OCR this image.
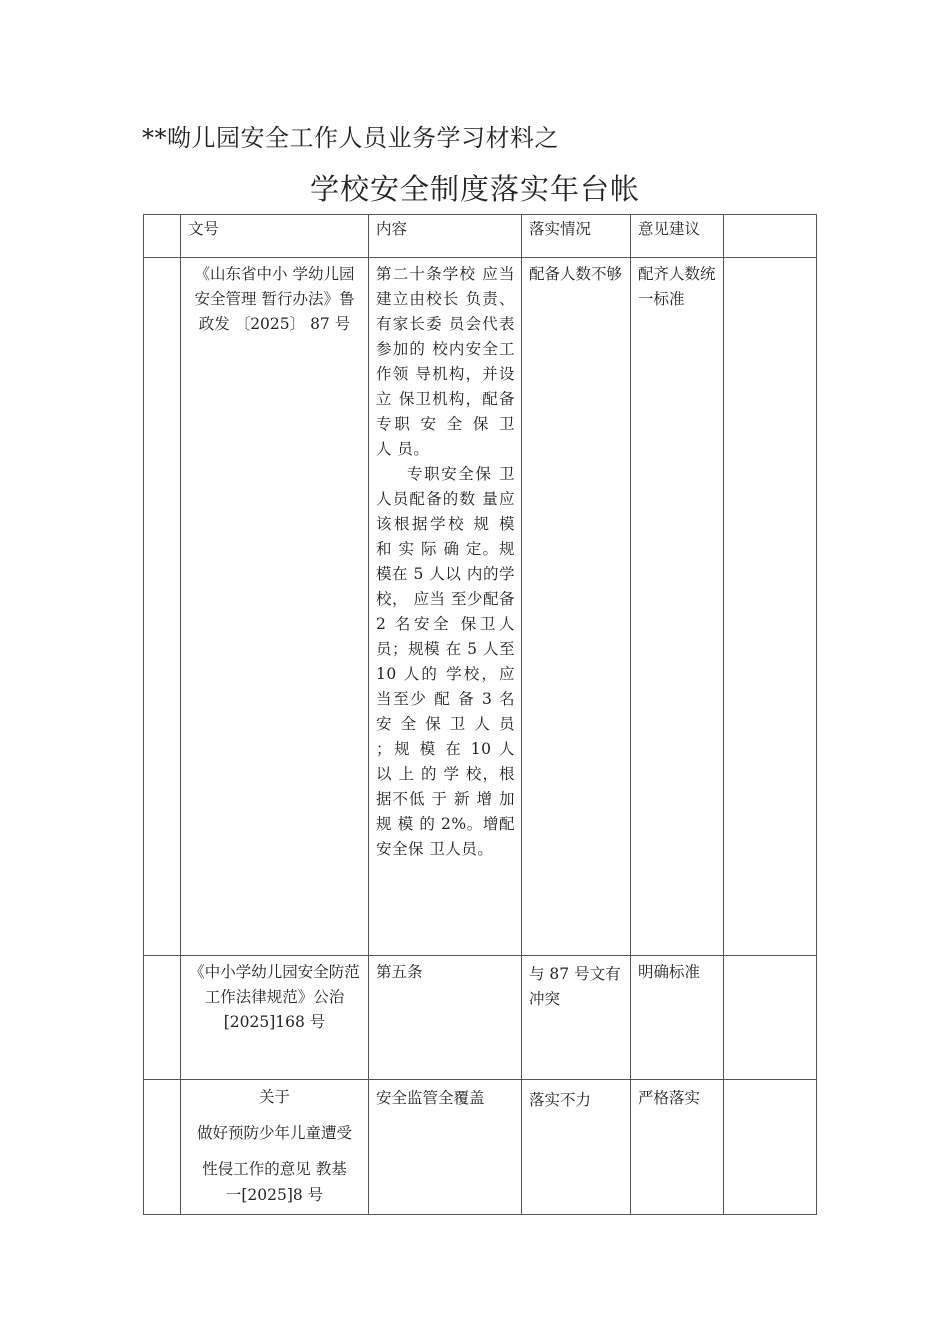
**呦儿园安全工作人员业务学习材料之
学校安全制度落实年台帐

	文号	内容	落实情况	意见建议	

	《山东省中小 学幼儿园安全管理 暂行办法》鲁政发 〔2025〕 87 号	第二十条学校 应当建立由校长 负责、有家长委 员会代表参加的 校内安全工作领 导机构，并设立 保卫机构，配备 专职 安 全 保 卫 人 员。
专职安全保 卫人员配备的数 量应该根据学校 规 模 和 实 际 确 定。规模在 5 人以 内的学校， 应当 至少配备 2 名安全 保卫人 员；规模 在 5 人至 10 人的 学校，应当至少 配 备 3 名 安 全 保 卫 人 员 ；规 模 在 10 人 以 上 的 学 校，根据不低 于 新 增 加 规 模 的 2%。增配安全保 卫人员。	配备人数不够	配齐人数统一标准	

	《中小学幼儿园安全防范工作法律规范》公治[2025]168 号	第五条	与 87 号文有冲突	明确标准	

	关于
做好预防少年儿童遭受
性侵工作的意见 教基
一[2025]8 号	安全监管全覆盖	落实不力	严格落实	
